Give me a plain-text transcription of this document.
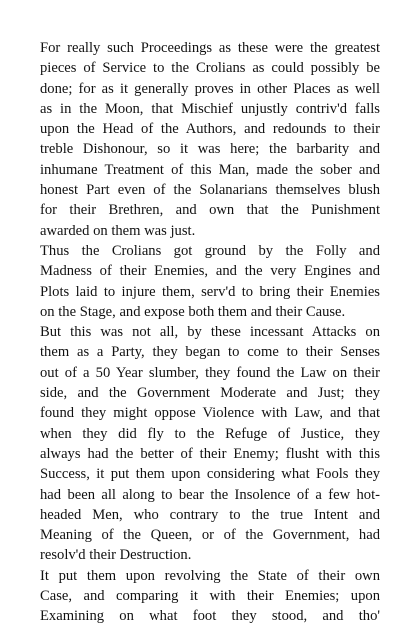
For really such Proceedings as these were the greatest
pieces of Service to the Crolians as could possibly be
done; for as it generally proves in other Places as well
as in the Moon, that Mischief unjustly contriv'd falls
upon the Head of the Authors, and redounds to their
treble Dishonour, so it was here; the barbarity and
inhumane Treatment of this Man, made the sober and
honest Part even of the Solanarians themselves blush
for their Brethren, and own that the Punishment
awarded on them was just.
Thus the Crolians got ground by the Folly and
Madness of their Enemies, and the very Engines and
Plots laid to injure them, serv'd to bring their Enemies
on the Stage, and expose both them and their Cause.
But this was not all, by these incessant Attacks on
them as a Party, they began to come to their Senses
out of a 50 Year slumber, they found the Law on their
side, and the Government Moderate and Just; they
found they might oppose Violence with Law, and that
when they did fly to the Refuge of Justice, they
always had the better of their Enemy; flusht with this
Success, it put them upon considering what Fools they
had been all along to bear the Insolence of a few hot-
headed Men, who contrary to the true Intent and
Meaning of the Queen, or of the Government, had
resolv'd their Destruction.
It put them upon revolving the State of their own
Case, and comparing it with their Enemies; upon
Examining on what foot they stood, and tho'
